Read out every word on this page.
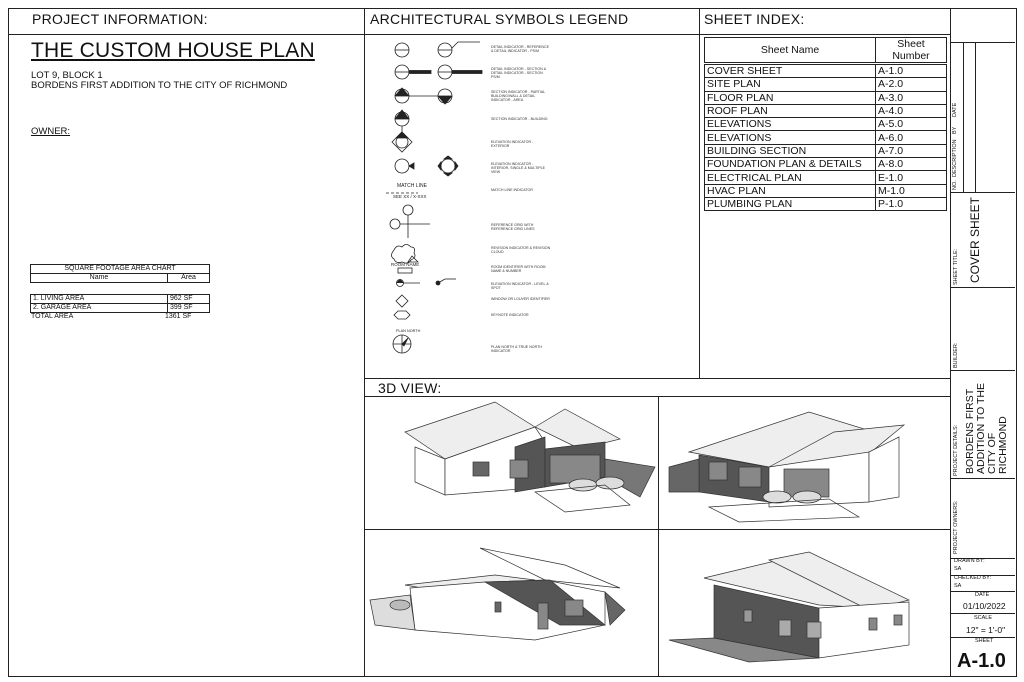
PROJECT INFORMATION:
THE CUSTOM HOUSE PLAN
LOT 9, BLOCK 1
BORDENS FIRST ADDITION TO THE CITY OF RICHMOND
OWNER:
SQUARE FOOTAGE AREA CHART
Name	Area
1. LIVING AREA	962 SF
2. GARAGE AREA	399 SF
TOTAL AREA	1361 SF
ARCHITECTURAL SYMBOLS LEGEND
DETAIL INDICATOR - REFERENCE & DETAIL INDICATOR - PS/M
DETAIL INDICATOR - SECTION & DETAIL INDICATOR - SECTION PS/M
SECTION INDICATOR - PARTIAL BUILDING/WALL & DETAIL INDICATOR - AREA
SECTION INDICATOR - BUILDING
ELEVATION INDICATOR - EXTERIOR
ELEVATION INDICATOR - INTERIOR, SINGLE & MULTIPLE VIEW
MATCH LINE INDICATOR
REFERENCE GRID WITH REFERENCE GRID LINES
REVISION INDICATOR & REVISION CLOUD
ROOM IDENTIFIER WITH ROOM NAME & NUMBER
ELEVATION INDICATOR - LEVEL & SPOT
WINDOW OR LOUVER IDENTIFIER
KEYNOTE INDICATOR
PLAN NORTH & TRUE NORTH INDICATOR
MATCH LINE
SEE XX / X-XXX
ROOM NAME
PLAN NORTH
SHEET INDEX:
Sheet Name	Sheet Number
COVER SHEET	A-1.0
SITE PLAN	A-2.0
FLOOR PLAN	A-3.0
ROOF PLAN	A-4.0
ELEVATIONS	A-5.0
ELEVATIONS	A-6.0
BUILDING SECTION	A-7.0
FOUNDATION PLAN & DETAILS	A-8.0
ELECTRICAL PLAN	E-1.0
HVAC PLAN	M-1.0
PLUMBING PLAN	P-1.0
3D VIEW:
NO.
DESCRIPTION
BY
DATE
SHEET TITLE: COVER SHEET
BUILDER:
PROJECT DETAILS: BORDENS FIRST ADDITION TO THE CITY OF RICHMOND
PROJECT OWNERS:
DRAWN BY:
SA
CHECKED BY:
SA
DATE
01/10/2022
SCALE
12" = 1'-0"
SHEET
A-1.0
